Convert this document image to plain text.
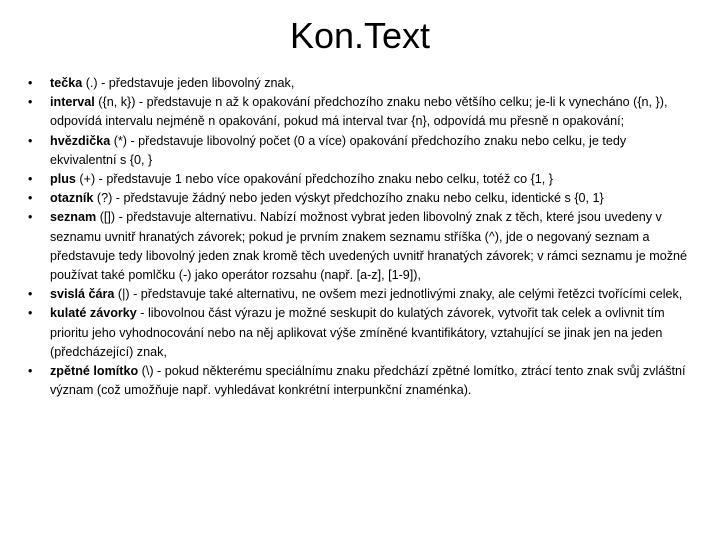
Kon.Text
• tečka (.) - představuje jeden libovolný znak,
• interval ({n, k}) - představuje n až k opakování předchozího znaku nebo většího celku; je-li k vynecháno ({n, }), odpovídá intervalu nejméně n opakování, pokud má interval tvar {n}, odpovídá mu přesně n opakování;
• hvězdička (*) - představuje libovolný počet (0 a více) opakování předchozího znaku nebo celku, je tedy ekvivalentní s {0, }
• plus (+) - představuje 1 nebo více opakování předchozího znaku nebo celku, totéž co {1, }
• otazník (?) - představuje žádný nebo jeden výskyt předchozího znaku nebo celku, identické s {0, 1}
• seznam ([]) - představuje alternativu. Nabízí možnost vybrat jeden libovolný znak z těch, které jsou uvedeny v seznamu uvnitř hranatých závorek; pokud je prvním znakem seznamu stříška (^), jde o negovaný seznam a představuje tedy libovolný jeden znak kromě těch uvedených uvnitř hranatých závorek; v rámci seznamu je možné používat také pomlčku (-) jako operátor rozsahu (např. [a-z], [1-9]),
• svislá čára (|) - představuje také alternativu, ne ovšem mezi jednotlivými znaky, ale celými řetězci tvořícími celek,
• kulaté závorky - libovolnou část výrazu je možné seskupit do kulatých závorek, vytvořit tak celek a ovlivnit tím prioritu jeho vyhodnocování nebo na něj aplikovat výše zmíněné kvantifikátory, vztahující se jinak jen na jeden (předcházející) znak,
• zpětné lomítko (\) - pokud některému speciálnímu znaku předchází zpětné lomítko, ztrácí tento znak svůj zvláštní význam (což umožňuje např. vyhledávat konkrétní interpunkční znaménka).
